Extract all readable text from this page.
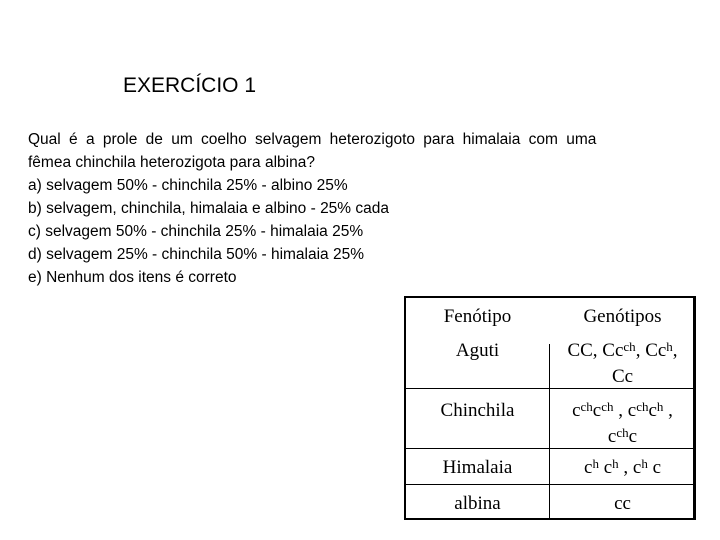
EXERCÍCIO 1
Qual é a prole de um coelho selvagem heterozigoto para himalaia com uma
fêmea chinchila heterozigota para albina?
a) selvagem 50% - chinchila 25% - albino 25%
b) selvagem, chinchila, himalaia e albino - 25% cada
c) selvagem 50% - chinchila 25% - himalaia 25%
d) selvagem 25% - chinchila 50% - himalaia 25%
e) Nenhum dos itens é correto
Fenótipo	Genótipos
Aguti	CC, $Cc^{ch}$, Cc$^h$,
Cc
Chinchila	$c^{ch}c^{ch}$ , $c^{ch}c^h$ ,
$c^{ch}c$
Himalaia	$c^h$ $c^h$ , $c^h$ c
albina	cc
